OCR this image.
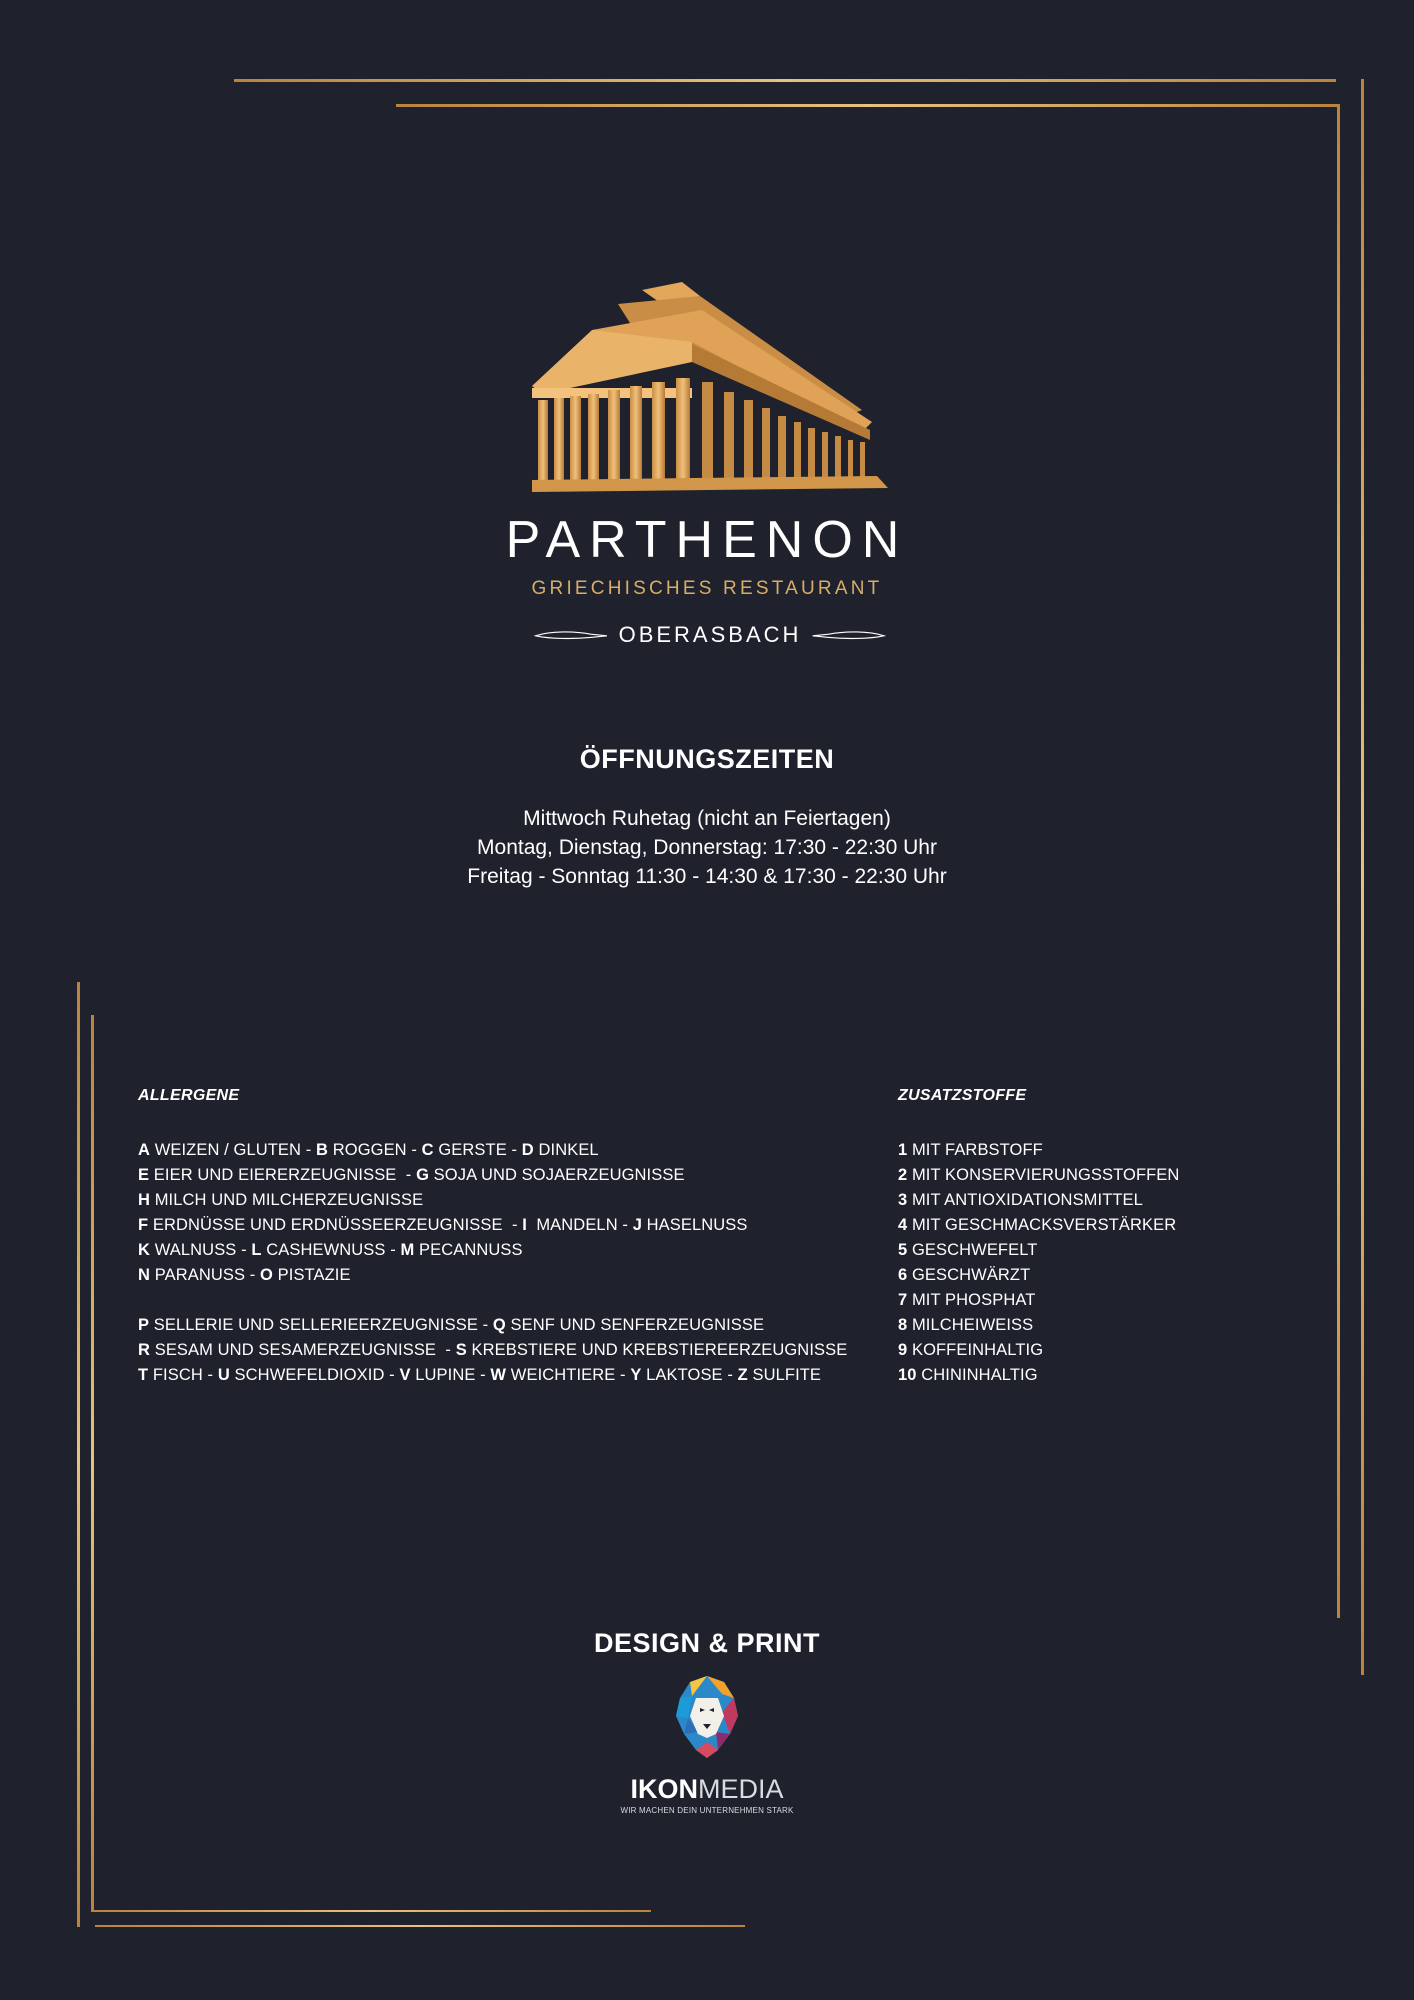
PARTHENON
GRIECHISCHES RESTAURANT
OBERASBACH
ÖFFNUNGSZEITEN
Mittwoch Ruhetag (nicht an Feiertagen)
Montag, Dienstag, Donnerstag: 17:30 - 22:30 Uhr
Freitag - Sonntag 11:30 - 14:30 & 17:30 - 22:30 Uhr
ALLERGENE
A WEIZEN / GLUTEN - B ROGGEN - C GERSTE - D DINKEL
E EIER UND EIERERZEUGNISSE  - G SOJA UND SOJAERZEUGNISSE
H MILCH UND MILCHERZEUGNISSE
F ERDNÜSSE UND ERDNÜSSEERZEUGNISSE  - I  MANDELN - J HASELNUSS
K WALNUSS - L CASHEWNUSS - M PECANNUSS
N PARANUSS - O PISTAZIE
P SELLERIE UND SELLERIEERZEUGNISSE - Q SENF UND SENFERZEUGNISSE
R SESAM UND SESAMERZEUGNISSE  - S KREBSTIERE UND KREBSTIEREERZEUGNISSE
T FISCH - U SCHWEFELDIOXID - V LUPINE - W WEICHTIERE - Y LAKTOSE - Z SULFITE
ZUSATZSTOFFE
1 MIT FARBSTOFF
2 MIT KONSERVIERUNGSSTOFFEN
3 MIT ANTIOXIDATIONSMITTEL
4 MIT GESCHMACKSVERSTÄRKER
5 GESCHWEFELT
6 GESCHWÄRZT
7 MIT PHOSPHAT
8 MILCHEIWEISS
9 KOFFEINHALTIG
10 CHININHALTIG
DESIGN & PRINT
IKONMEDIA
WIR MACHEN DEIN UNTERNEHMEN STARK
